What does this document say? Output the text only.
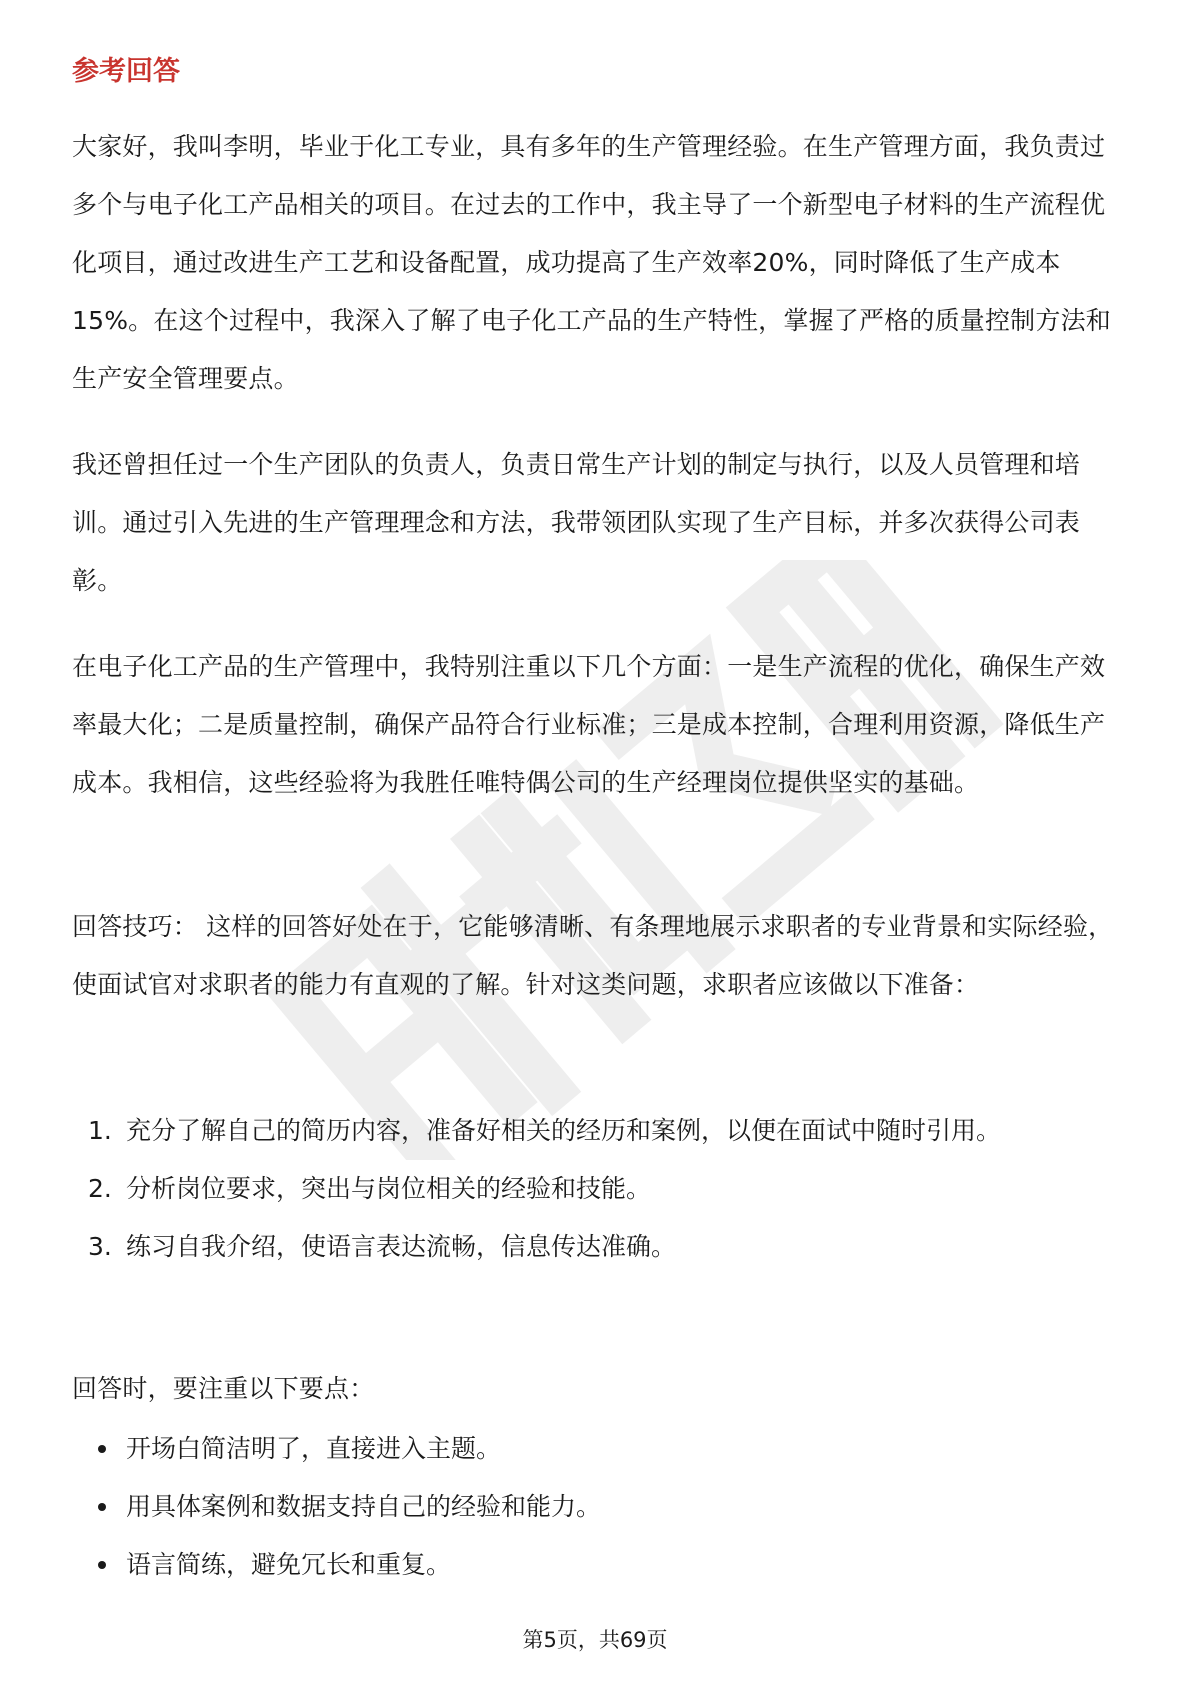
参考回答

大家好，我叫李明，毕业于化工专业，具有多年的生产管理经验。在生产管理方面，我负责过多个与电子化工产品相关的项目。在过去的工作中，我主导了一个新型电子材料的生产流程优化项目，通过改进生产工艺和设备配置，成功提高了生产效率20%，同时降低了生产成本15%。在这个过程中，我深入了解了电子化工产品的生产特性，掌握了严格的质量控制方法和生产安全管理要点。

我还曾担任过一个生产团队的负责人，负责日常生产计划的制定与执行，以及人员管理和培训。通过引入先进的生产管理理念和方法，我带领团队实现了生产目标，并多次获得公司表彰。

在电子化工产品的生产管理中，我特别注重以下几个方面：一是生产流程的优化，确保生产效率最大化；二是质量控制，确保产品符合行业标准；三是成本控制，合理利用资源，降低生产成本。我相信，这些经验将为我胜任唯特偶公司的生产经理岗位提供坚实的基础。

回答技巧： 这样的回答好处在于，它能够清晰、有条理地展示求职者的专业背景和实际经验，使面试官对求职者的能力有直观的了解。针对这类问题，求职者应该做以下准备：

1. 充分了解自己的简历内容，准备好相关的经历和案例，以便在面试中随时引用。
2. 分析岗位要求，突出与岗位相关的经验和技能。
3. 练习自我介绍，使语言表达流畅，信息传达准确。

回答时，要注重以下要点：

开场白简洁明了，直接进入主题。
用具体案例和数据支持自己的经验和能力。
语言简练，避免冗长和重复。
第5页，共69页
